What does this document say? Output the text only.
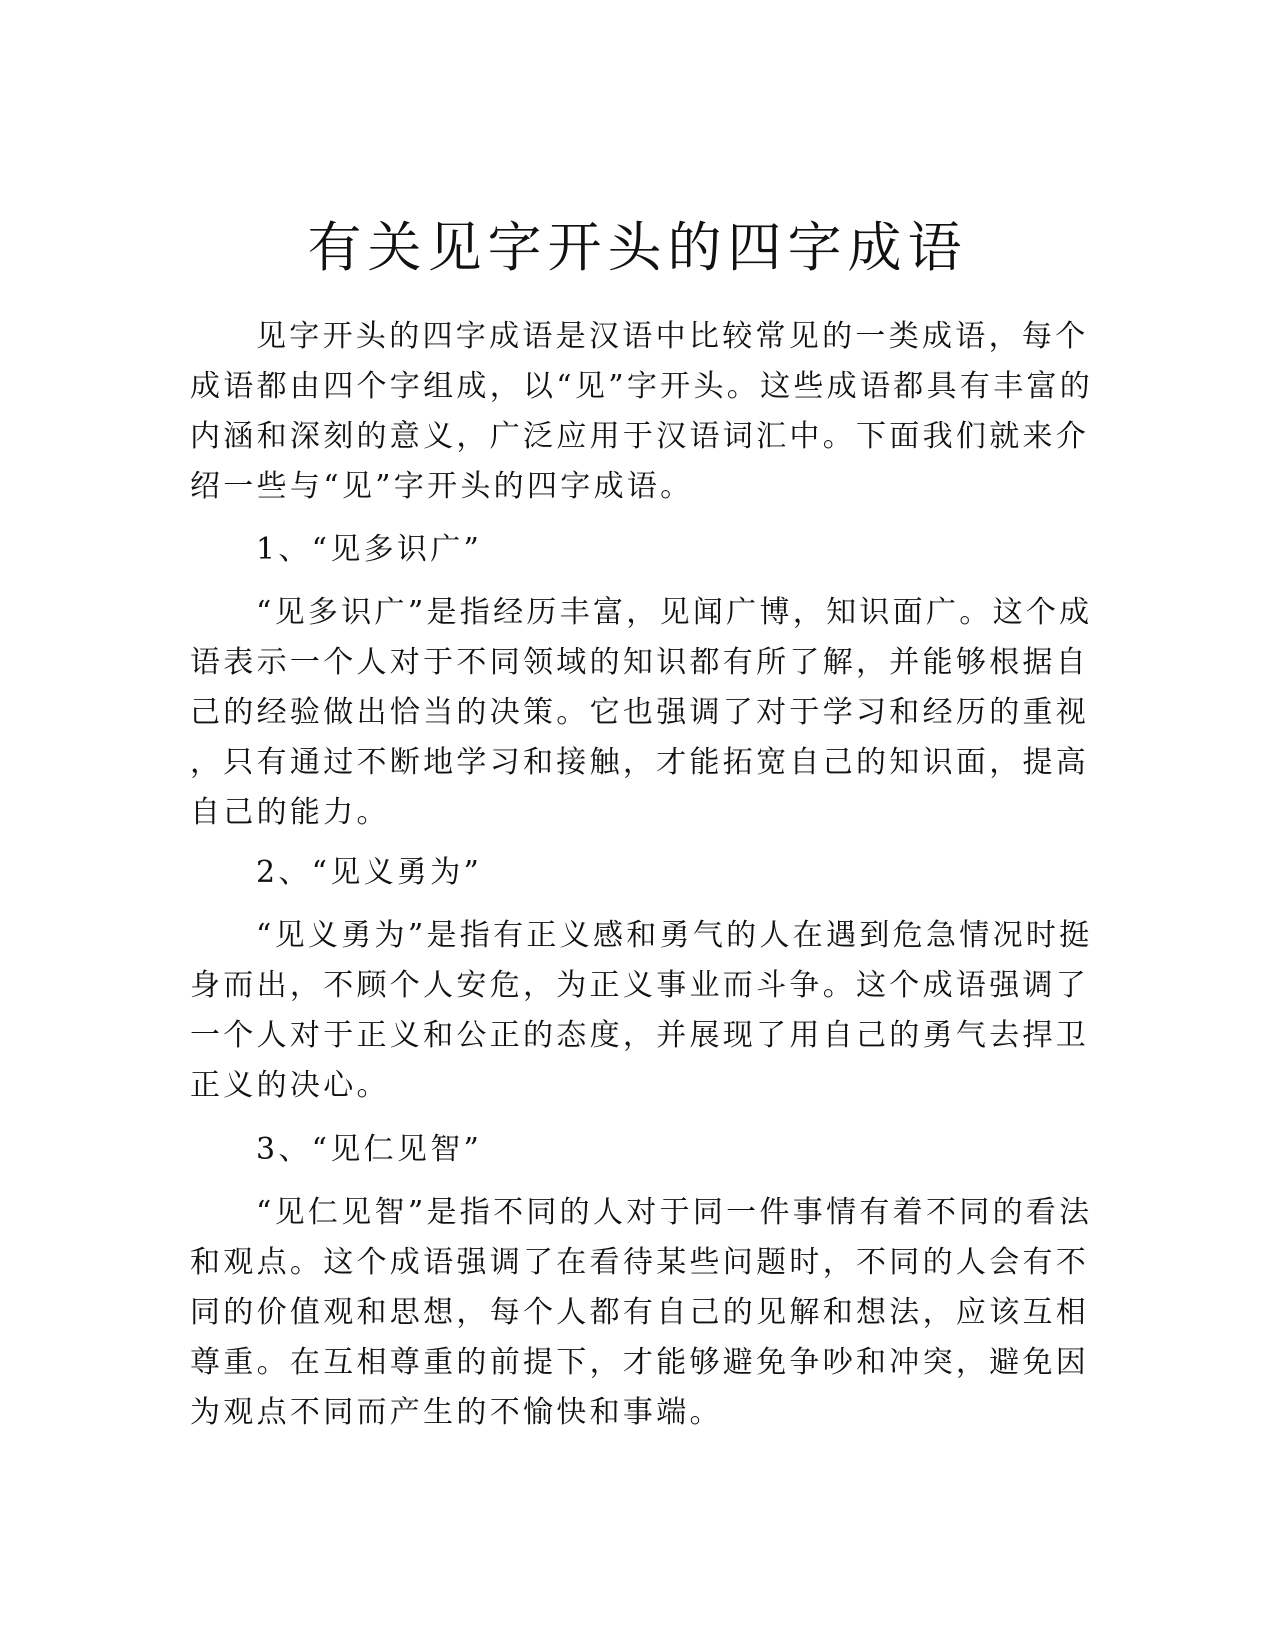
有关见字开头的四字成语
见字开头的四字成语是汉语中比较常见的一类成语，每个
成语都由四个字组成，以“见”字开头。这些成语都具有丰富的
内涵和深刻的意义，广泛应用于汉语词汇中。下面我们就来介
绍一些与“见”字开头的四字成语。
1、“见多识广”
“见多识广”是指经历丰富，见闻广博，知识面广。这个成
语表示一个人对于不同领域的知识都有所了解，并能够根据自
己的经验做出恰当的决策。它也强调了对于学习和经历的重视
，只有通过不断地学习和接触，才能拓宽自己的知识面，提高
自己的能力。
2、“见义勇为”
“见义勇为”是指有正义感和勇气的人在遇到危急情况时挺
身而出，不顾个人安危，为正义事业而斗争。这个成语强调了
一个人对于正义和公正的态度，并展现了用自己的勇气去捍卫
正义的决心。
3、“见仁见智”
“见仁见智”是指不同的人对于同一件事情有着不同的看法
和观点。这个成语强调了在看待某些问题时，不同的人会有不
同的价值观和思想，每个人都有自己的见解和想法，应该互相
尊重。在互相尊重的前提下，才能够避免争吵和冲突，避免因
为观点不同而产生的不愉快和事端。
